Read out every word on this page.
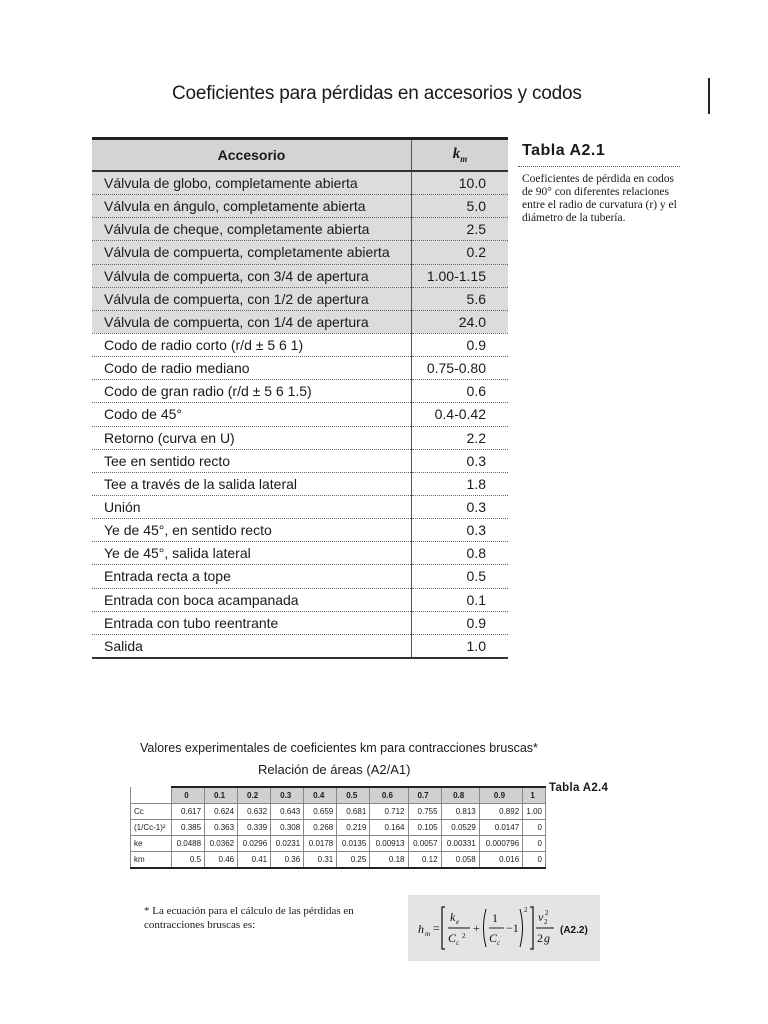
Coeficientes para pérdidas en accesorios y codos
Accesorio	$k_m$
Válvula de globo, completamente abierta	10.0
Válvula en ángulo, completamente abierta	5.0
Válvula de cheque, completamente abierta	2.5
Válvula de compuerta, completamente abierta	0.2
Válvula de compuerta, con 3/4 de apertura	1.00-1.15
Válvula de compuerta, con 1/2 de apertura	5.6
Válvula de compuerta, con 1/4 de apertura	24.0
Codo de radio corto (r/d ± 5 6 1)	0.9
Codo de radio mediano	0.75-0.80
Codo de gran radio (r/d ± 5 6 1.5)	0.6
Codo de 45°	0.4-0.42
Retorno (curva en U)	2.2
Tee en sentido recto	0.3
Tee a través de la salida lateral	1.8
Unión	0.3
Ye de 45°, en sentido recto	0.3
Ye de 45°, salida lateral	0.8
Entrada recta a tope	0.5
Entrada con boca acampanada	0.1
Entrada con tubo reentrante	0.9
Salida	1.0
Tabla A2.1
Coeficientes de pérdida en codos de 90° con diferentes relaciones entre el radio de curvatura (r) y el diámetro de la tubería.
Valores experimentales de coeficientes km para contracciones bruscas*
Relación de áreas (A2/A1)
	0	0.1	0.2	0.3	0.4	0.5	0.6	0.7	0.8	0.9	1
Cc	0.617	0.624	0.632	0.643	0.659	0.681	0.712	0.755	0.813	0.892	1.00
(1/Cc-1)²	0.385	0.363	0.339	0.308	0.268	0.219	0.164	0.105	0.0529	0.0147	0
ke	0.0488	0.0362	0.0296	0.0231	0.0178	0.0135	0.00913	0.0057	0.00331	0.000796	0
km	0.5	0.46	0.41	0.36	0.31	0.25	0.18	0.12	0.058	0.016	0
Tabla A2.4
* La ecuación para el cálculo de las pérdidas en contracciones bruscas es:	h m =
k e
C c
2
+
1
C c
−1
2 v 2
2
2 g
(A2.2)
